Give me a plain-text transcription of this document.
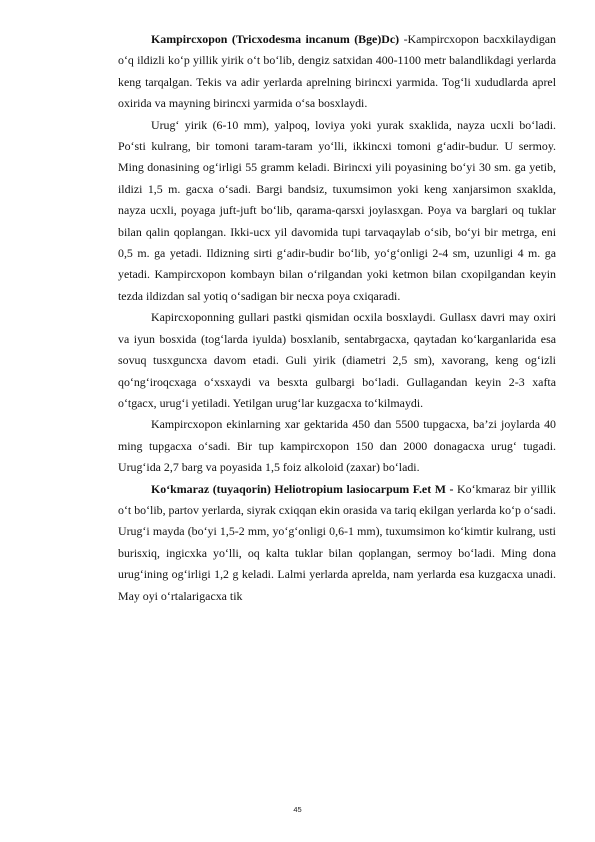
Kampircxopon (Tricxodesma incanum (Bge)Dc) -Kampircxopon bacxkilaydigan o‘q ildizli ko‘p yillik yirik o‘t bo‘lib, dengiz satxidan 400-1100 metr balandlikdagi yerlarda keng tarqalgan. Tekis va adir yerlarda aprelning birincxi yarmida. Tog‘li xududlarda aprel oxirida va mayning birincxi yarmida o‘sa bosxlaydi.

Urug‘ yirik (6-10 mm), yalpoq, loviya yoki yurak sxaklida, nayza ucxli bo‘ladi. Po‘sti kulrang, bir tomoni taram-taram yo‘lli, ikkincxi tomoni g‘adir-budur. U sermoy. Ming donasining og‘irligi 55 gramm keladi. Birincxi yili poyasining bo‘yi 30 sm. ga yetib, ildizi 1,5 m. gacxa o‘sadi. Bargi bandsiz, tuxumsimon yoki keng xanjarsimon sxaklda, nayza ucxli, poyaga juft-juft bo‘lib, qarama-qarsxi joylasxgan. Poya va barglari oq tuklar bilan qalin qoplangan. Ikki-ucx yil davomida tupi tarvaqaylab o‘sib, bo‘yi bir metrga, eni 0,5 m. ga yetadi. Ildizning sirti g‘adir-budir bo‘lib, yo‘g‘onligi 2-4 sm, uzunligi 4 m. ga yetadi. Kampircxopon kombayn bilan o‘rilgandan yoki ketmon bilan cxopilgandan keyin tezda ildizdan sal yotiq o‘sadigan bir necxa poya cxiqaradi.

Kapircxoponning gullari pastki qismidan ocxila bosxlaydi. Gullasx davri may oxiri va iyun bosxida (tog‘larda iyulda) bosxlanib, sentabrgacxa, qaytadan ko‘karganlarida esa sovuq tusxguncxa davom etadi. Guli yirik (diametri 2,5 sm), xavorang, keng og‘izli qo‘ng‘iroqcxaga o‘xsxaydi va besxta gulbargi bo‘ladi. Gullagandan keyin 2-3 xafta o‘tgacx, urug‘i yetiladi. Yetilgan urug‘lar kuzgacxa to‘kilmaydi.

Kampircxopon ekinlarning xar gektarida 450 dan 5500 tupgacxa, ba’zi joylarda 40 ming tupgacxa o‘sadi. Bir tup kampircxopon 150 dan 2000 donagacxa urug‘ tugadi. Urug‘ida 2,7 barg va poyasida 1,5 foiz alkoloid (zaxar) bo‘ladi.

Ko‘kmaraz (tuyaqorin) Heliotropium lasiocarpum F.et M - Ko‘kmaraz bir yillik o‘t bo‘lib, partov yerlarda, siyrak cxiqqan ekin orasida va tariq ekilgan yerlarda ko‘p o‘sadi. Urug‘i mayda (bo‘yi 1,5-2 mm, yo‘g‘onligi 0,6-1 mm), tuxumsimon ko‘kimtir kulrang, usti burisxiq, ingicxka yo‘lli, oq kalta tuklar bilan qoplangan, sermoy bo‘ladi. Ming dona urug‘ining og‘irligi 1,2 g keladi. Lalmi yerlarda aprelda, nam yerlarda esa kuzgacxa unadi. May oyi o‘rtalarigacxa tik

45
